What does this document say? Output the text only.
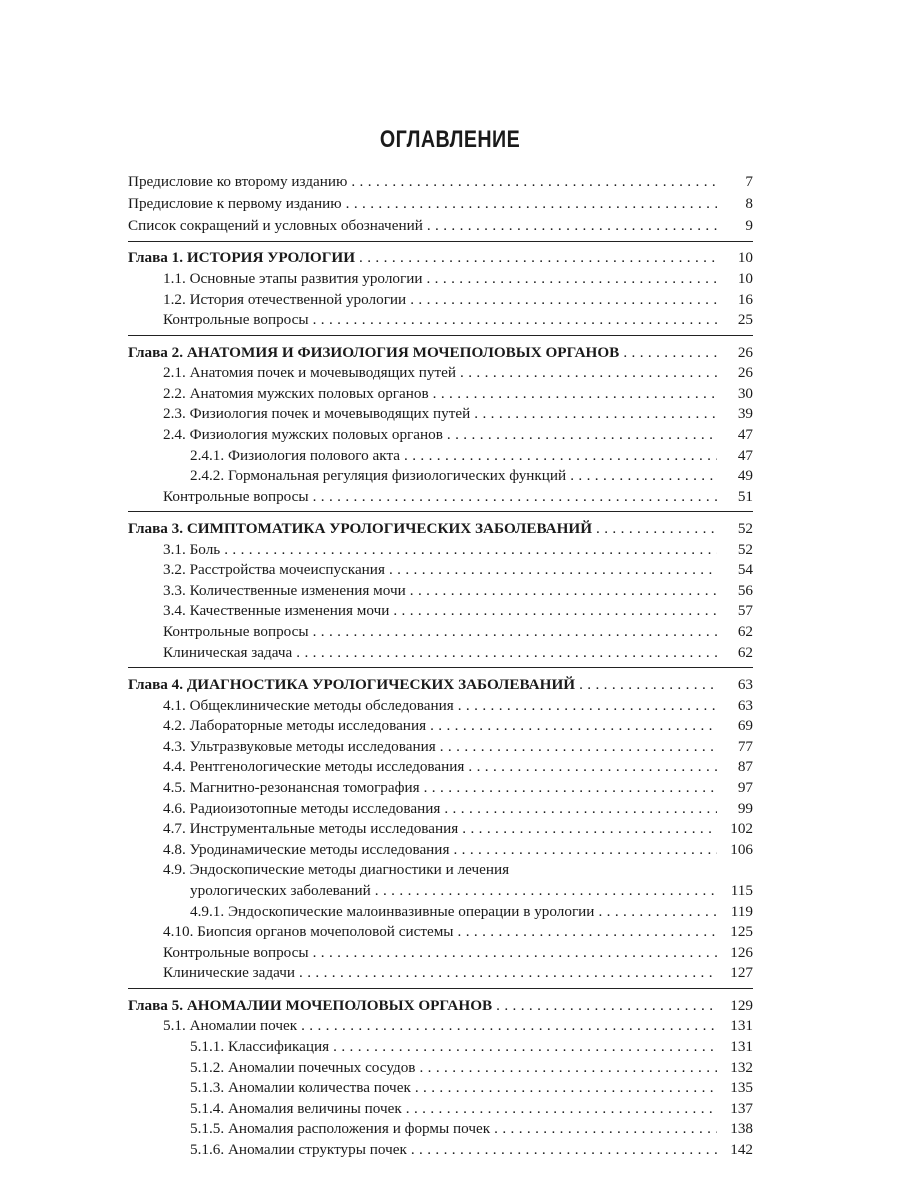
ОГЛАВЛЕНИЕ
Предисловие ко второму изданию . . .	7
Предисловие к первому изданию . . .	8
Список сокращений и условных обозначений . . .	9
Глава 1. ИСТОРИЯ УРОЛОГИИ . . .	10
1.1. Основные этапы развития урологии . . .	10
1.2. История отечественной урологии . . .	16
Контрольные вопросы . . .	25
Глава 2. АНАТОМИЯ И ФИЗИОЛОГИЯ МОЧЕПОЛОВЫХ ОРГАНОВ . . .	26
2.1. Анатомия почек и мочевыводящих путей . . .	26
2.2. Анатомия мужских половых органов . . .	30
2.3. Физиология почек и мочевыводящих путей . . .	39
2.4. Физиология мужских половых органов . . .	47
2.4.1. Физиология полового акта . . .	47
2.4.2. Гормональная регуляция физиологических функций . . .	49
Контрольные вопросы . . .	51
Глава 3. СИМПТОМАТИКА УРОЛОГИЧЕСКИХ ЗАБОЛЕВАНИЙ . . .	52
3.1. Боль . . .	52
3.2. Расстройства мочеиспускания . . .	54
3.3. Количественные изменения мочи . . .	56
3.4. Качественные изменения мочи . . .	57
Контрольные вопросы . . .	62
Клиническая задача . . .	62
Глава 4. ДИАГНОСТИКА УРОЛОГИЧЕСКИХ ЗАБОЛЕВАНИЙ . . .	63
4.1. Общеклинические методы обследования . . .	63
4.2. Лабораторные методы исследования . . .	69
4.3. Ультразвуковые методы исследования . . .	77
4.4. Рентгенологические методы исследования . . .	87
4.5. Магнитно-резонансная томография . . .	97
4.6. Радиоизотопные методы исследования . . .	99
4.7. Инструментальные методы исследования . . .	102
4.8. Уродинамические методы исследования . . .	106
4.9. Эндоскопические методы диагностики и лечения
урологических заболеваний . . .	115
4.9.1. Эндоскопические малоинвазивные операции в урологии . . .	119
4.10. Биопсия органов мочеполовой системы . . .	125
Контрольные вопросы . . .	126
Клинические задачи . . .	127
Глава 5. АНОМАЛИИ МОЧЕПОЛОВЫХ ОРГАНОВ . . .	129
5.1. Аномалии почек . . .	131
5.1.1. Классификация . . .	131
5.1.2. Аномалии почечных сосудов . . .	132
5.1.3. Аномалии количества почек . . .	135
5.1.4. Аномалия величины почек . . .	137
5.1.5. Аномалия расположения и формы почек . . .	138
5.1.6. Аномалии структуры почек . . .	142
